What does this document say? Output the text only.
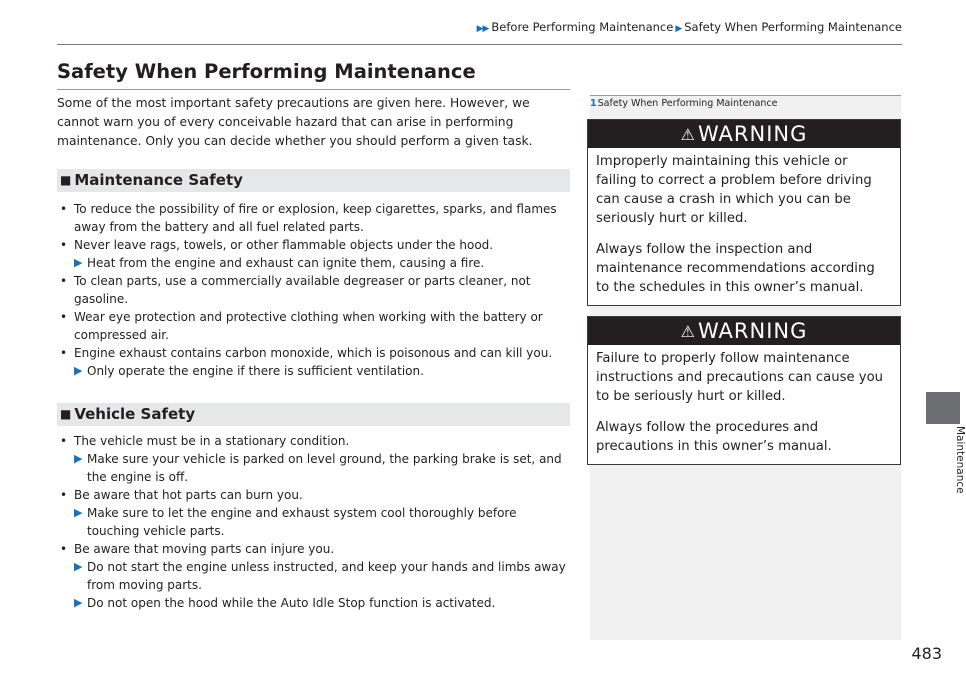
▶▶ Before Performing Maintenance ▶ Safety When Performing Maintenance
Safety When Performing Maintenance

Some of the most important safety precautions are given here. However, we cannot warn you of every conceivable hazard that can arise in performing maintenance. Only you can decide whether you should perform a given task.

■ Maintenance Safety
• To reduce the possibility of fire or explosion, keep cigarettes, sparks, and flames away from the battery and all fuel related parts.
• Never leave rags, towels, or other flammable objects under the hood.
▶ Heat from the engine and exhaust can ignite them, causing a fire.
• To clean parts, use a commercially available degreaser or parts cleaner, not gasoline.
• Wear eye protection and protective clothing when working with the battery or compressed air.
• Engine exhaust contains carbon monoxide, which is poisonous and can kill you.
▶ Only operate the engine if there is sufficient ventilation.
■ Vehicle Safety
• The vehicle must be in a stationary condition.
▶ Make sure your vehicle is parked on level ground, the parking brake is set, and the engine is off.
• Be aware that hot parts can burn you.
▶ Make sure to let the engine and exhaust system cool thoroughly before touching vehicle parts.
• Be aware that moving parts can injure you.
▶ Do not start the engine unless instructed, and keep your hands and limbs away from moving parts.
▶ Do not open the hood while the Auto Idle Stop function is activated.
1Safety When Performing Maintenance
⚠WARNING

Improperly maintaining this vehicle or failing to correct a problem before driving can cause a crash in which you can be seriously hurt or killed.

Always follow the inspection and maintenance recommendations according to the schedules in this owner’s manual.

⚠WARNING

Failure to properly follow maintenance instructions and precautions can cause you to be seriously hurt or killed.

Always follow the procedures and precautions in this owner’s manual.	Maintenance
483
